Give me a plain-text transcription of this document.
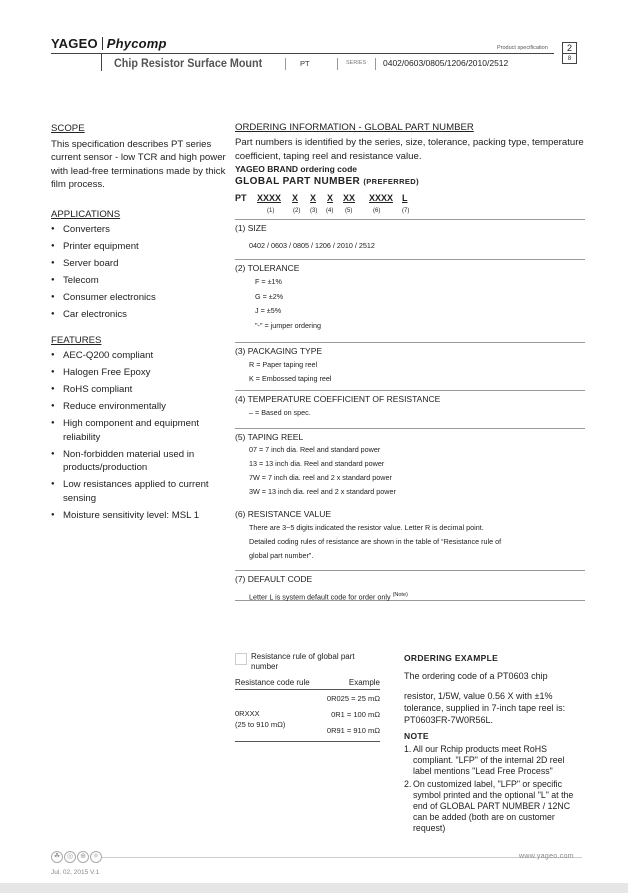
YAGEO Phycomp
Chip Resistor Surface Mount	PT	SERIES 0402/0603/0805/1206/2010/2512
Product specification	2
8
SCOPE
This specification describes PT series current sensor - low TCR and high power with lead-free terminations made by thick film process.
APPLICATIONS
● Converters
● Printer equipment
● Server board
● Telecom
● Consumer electronics
● Car electronics
FEATURES
● AEC-Q200 compliant
● Halogen Free Epoxy
● RoHS compliant
● Reduce environmentally
● High component and equipment reliability
● Non-forbidden material used in products/production
● Low resistances applied to current sensing
● Moisture sensitivity level: MSL 1
ORDERING INFORMATION - GLOBAL PART NUMBER
Part numbers is identified by the series, size, tolerance, packing type, temperature coefficient, taping reel and resistance value.
YAGEO BRAND ordering code
GLOBAL PART NUMBER (PREFERRED)
PT XXXX X X X XX XXXX L
(1)	(2) (3) (4) (5)	(6)	(7)
(1) SIZE
0402 / 0603 / 0805 / 1206 / 2010 / 2512
(2) TOLERANCE
F = ±1%
G = ±2%
J = ±5%
"-" = jumper ordering
(3) PACKAGING TYPE
R = Paper taping reel
K = Embossed taping reel
(4) TEMPERATURE COEFFICIENT OF RESISTANCE
– = Based on spec.
(5) TAPING REEL
07 = 7 inch dia. Reel and standard power
13 = 13 inch dia. Reel and standard power
7W = 7 inch dia. reel and 2 x standard power
3W = 13 inch dia. reel and 2 x standard power
(6) RESISTANCE VALUE
There are 3~5 digits indicated the resistor value. Letter R is decimal point.
Detailed coding rules of resistance are shown in the table of “Resistance rule of
global part number”.
(7) DEFAULT CODE
Letter L is system default code for order only $^{(Note)}$
Resistance rule of global part number
Resistance code rule	Example
0RXXX
(25 to 910 mΩ)
0R025 = 25 mΩ
0R1 = 100 mΩ
0R91 = 910 mΩ
ORDERING EXAMPLE
The ordering code of a PT0603 chip
resistor, 1/5W, value 0.56 X with ±1% tolerance, supplied in 7-inch tape reel is: PT0603FR-7W0R56L.
NOTE
1. All our Rchip products meet RoHS compliant. "LFP" of the internal 2D reel label mentions "Lead Free Process"
2. On customized label, "LFP" or specific symbol printed and the optional "L" at the end of GLOBAL PART NUMBER / 12NC can be added (both are on customer request)
☘ ◎	⊕ ⚛	www.yageo.com
Jul. 02, 2015 V.1
